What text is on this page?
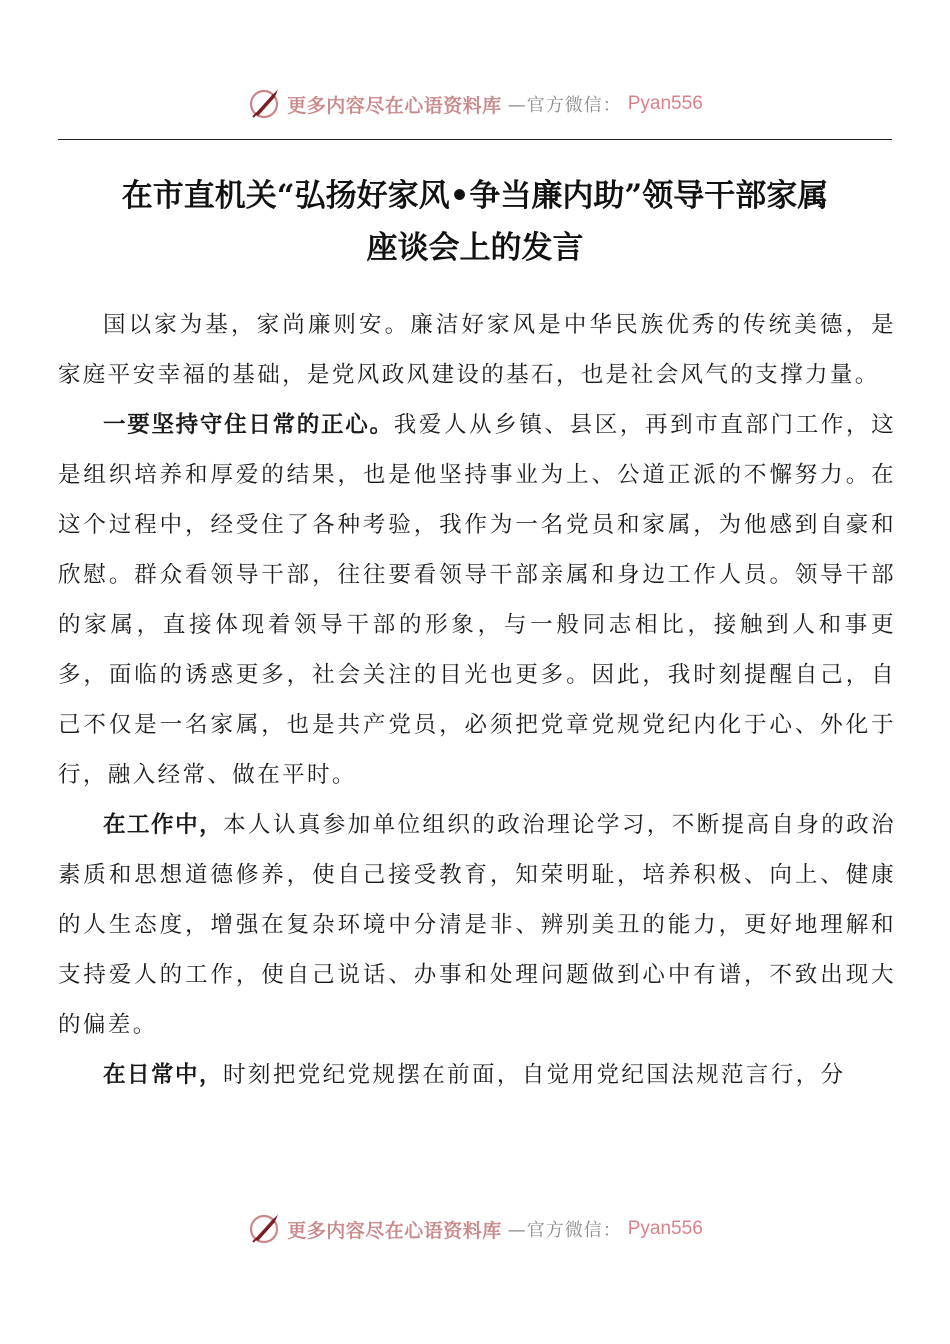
更多内容尽在心语资料库 —官方微信： Pyan556
在市直机关“弘扬好家风•争当廉内助”领导干部家属
座谈会上的发言

国以家为基，家尚廉则安。廉洁好家风是中华民族优秀的传统美德，是家庭平安幸福的基础，是党风政风建设的基石，也是社会风气的支撑力量。

一要坚持守住日常的正心。我爱人从乡镇、县区，再到市直部门工作，这是组织培养和厚爱的结果，也是他坚持事业为上、公道正派的不懈努力。在这个过程中，经受住了各种考验，我作为一名党员和家属，为他感到自豪和欣慰。群众看领导干部，往往要看领导干部亲属和身边工作人员。领导干部的家属，直接体现着领导干部的形象，与一般同志相比，接触到人和事更多，面临的诱惑更多，社会关注的目光也更多。因此，我时刻提醒自己，自己不仅是一名家属，也是共产党员，必须把党章党规党纪内化于心、外化于行，融入经常、做在平时。

在工作中，本人认真参加单位组织的政治理论学习，不断提高自身的政治素质和思想道德修养，使自己接受教育，知荣明耻，培养积极、向上、健康的人生态度，增强在复杂环境中分清是非、辨别美丑的能力，更好地理解和支持爱人的工作，使自己说话、办事和处理问题做到心中有谱，不致出现大的偏差。

在日常中，时刻把党纪党规摆在前面，自觉用党纪国法规范言行，分

更多内容尽在心语资料库 —官方微信： Pyan556
